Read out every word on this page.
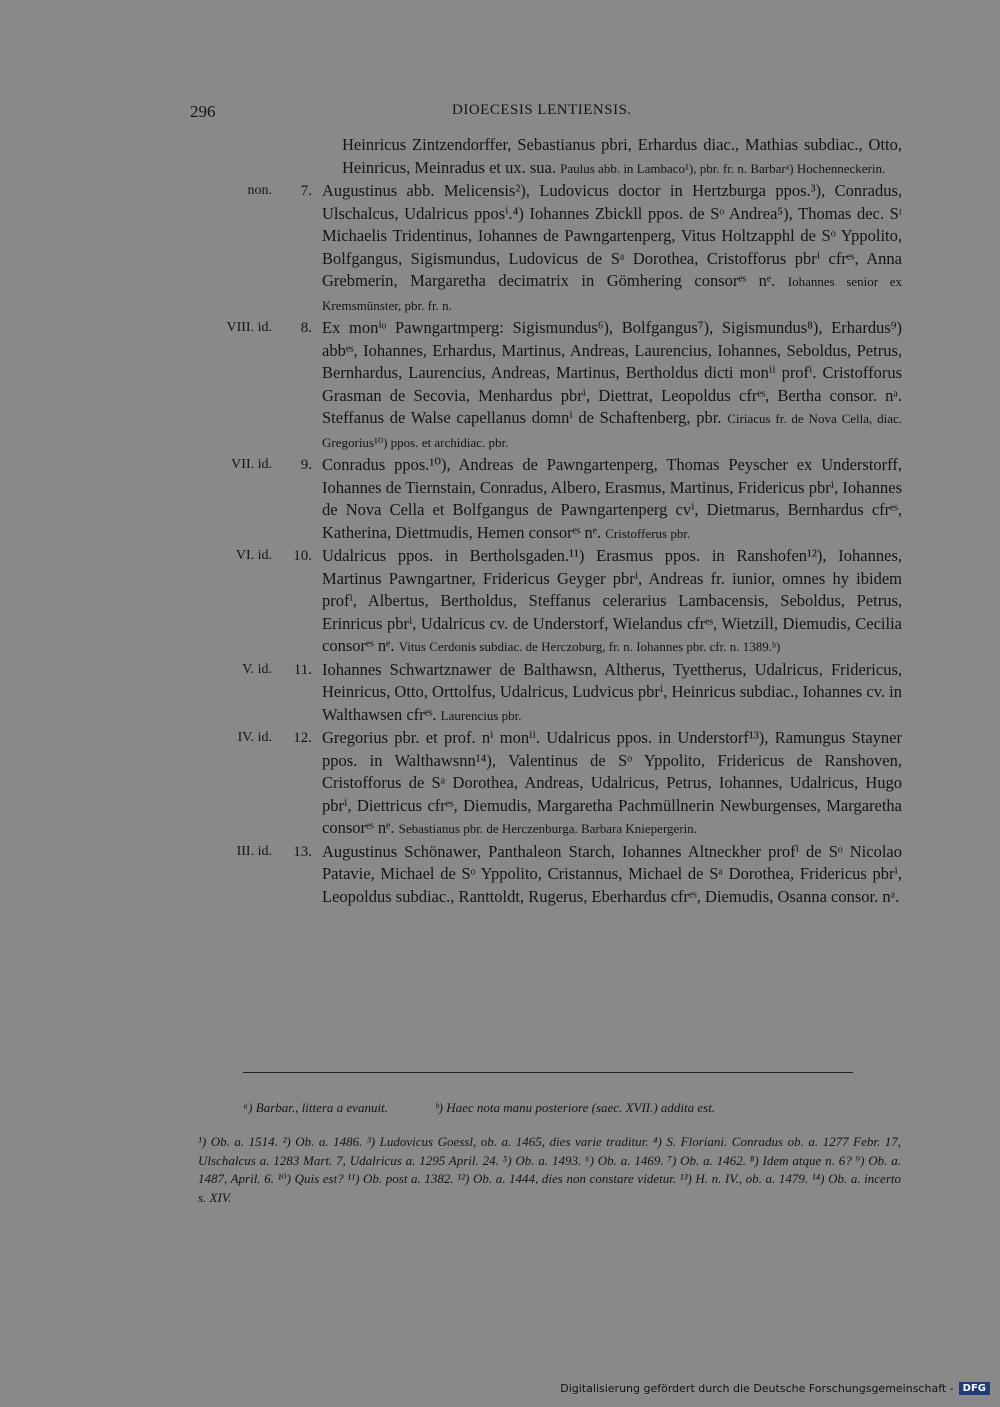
296	DIOECESIS LENTIENSIS.
Heinricus Zintzendorffer, Sebastianus pbri, Erhardus diac., Mathias subdiac., Otto, Heinricus, Meinradus et ux. sua. Paulus abb. in Lambaco¹), pbr. fr. n. Barbarᵃ) Hochenneckerin.
non.	7. Augustinus abb. Melicensis²), Ludovicus doctor in Hertzburga ppos.³), Conradus, Ulschalcus, Udalricus pposⁱ.⁴) Iohannes Zbickll ppos. de Sᵒ Andrea⁵), Thomas dec. Sᵗ Michaelis Tridentinus, Iohannes de Pawngartenperg, Vitus Holtzapphl de Sᵒ Yppolito, Bolfgangus, Sigismundus, Ludovicus de Sᵃ Dorothea, Cristofforus pbrⁱ cfrᵉˢ, Anna Grebmerin, Margaretha decimatrix in Gömhering consorᵉˢ nᵉ. Iohannes senior ex Kremsmünster, pbr. fr. n.
VIII. id.	8. Ex monⁱᵒ Pawngartmperg: Sigismundus⁶), Bolfgangus⁷), Sigismundus⁸), Erhardus⁹) abbᵉˢ, Iohannes, Erhardus, Martinus, Andreas, Laurencius, Iohannes, Seboldus, Petrus, Bernhardus, Laurencius, Andreas, Martinus, Bertholdus dicti monⁱⁱ profⁱ. Cristofforus Grasman de Secovia, Menhardus pbrⁱ, Diettrat, Leopoldus cfrᵉˢ, Bertha consor. nᵃ. Steffanus de Walse capellanus domnⁱ de Schaftenberg, pbr. Ciriacus fr. de Nova Cella, diac. Gregorius¹⁰) ppos. et archidiac. pbr.
VII. id.	9. Conradus ppos.¹⁰), Andreas de Pawngartenperg, Thomas Peyscher ex Understorff, Iohannes de Tiernstain, Conradus, Albero, Erasmus, Martinus, Fridericus pbrⁱ, Iohannes de Nova Cella et Bolfgangus de Pawngartenperg cvⁱ, Dietmarus, Bernhardus cfrᵉˢ, Katherina, Diettmudis, Hemen consorᵉˢ nᵉ. Cristofferus pbr.
VI. id.	10. Udalricus ppos. in Bertholsgaden.¹¹) Erasmus ppos. in Ranshofen¹²), Iohannes, Martinus Pawngartner, Fridericus Geyger pbrⁱ, Andreas fr. iunior, omnes hy ibidem profⁱ, Albertus, Bertholdus, Steffanus celerarius Lambacensis, Seboldus, Petrus, Erinricus pbrⁱ, Udalricus cv. de Understorf, Wielandus cfrᵉˢ, Wietzill, Diemudis, Cecilia consorᵉˢ nᵉ. Vitus Cerdonis subdiac. de Herczoburg, fr. n. Iohannes pbr. cfr. n. 1389.ᵇ)
V. id.	11. Iohannes Schwartznawer de Balthawsn, Altherus, Tyettherus, Udalricus, Fridericus, Heinricus, Otto, Orttolfus, Udalricus, Ludvicus pbrⁱ, Heinricus subdiac., Iohannes cv. in Walthawsen cfrᵉˢ. Laurencius pbr.
IV. id.	12. Gregorius pbr. et prof. nⁱ monⁱⁱ. Udalricus ppos. in Understorf¹³), Ramungus Stayner ppos. in Walthawsnn¹⁴), Valentinus de Sᵒ Yppolito, Fridericus de Ranshoven, Cristofforus de Sᵃ Dorothea, Andreas, Udalricus, Petrus, Iohannes, Udalricus, Hugo pbrⁱ, Diettricus cfrᵉˢ, Diemudis, Margaretha Pachmüllnerin Newburgenses, Margaretha consorᵉˢ nᵉ. Sebastianus pbr. de Herczenburga. Barbara Kniepergerin.
III. id.	13. Augustinus Schönawer, Panthaleon Starch, Iohannes Altneckher profⁱ de Sᵒ Nicolao Patavie, Michael de Sᵒ Yppolito, Cristannus, Michael de Sᵃ Dorothea, Fridericus pbrⁱ, Leopoldus subdiac., Ranttoldt, Rugerus, Eberhardus cfrᵉˢ, Diemudis, Osanna consor. nᵃ.
ᵃ) Barbar., littera a evanuit.	ᵇ) Haec nota manu posteriore (saec. XVII.) addita est.
¹) Ob. a. 1514. ²) Ob. a. 1486. ³) Ludovicus Goessl, ob. a. 1465, dies varie traditur. ⁴) S. Floriani. Conradus ob. a. 1277 Febr. 17, Ulschalcus a. 1283 Mart. 7, Udalricus a. 1295 April. 24. ⁵) Ob. a. 1493. ⁶) Ob. a. 1469. ⁷) Ob. a. 1462. ⁸) Idem atque n. 6? ⁹) Ob. a. 1487, April. 6. ¹⁰) Quis est? ¹¹) Ob. post a. 1382. ¹²) Ob. a. 1444, dies non constare videtur. ¹³) H. n. IV., ob. a. 1479. ¹⁴) Ob. a. incerto s. XIV.
Digitalisierung gefördert durch die Deutsche Forschungsgemeinschaft - DFG
